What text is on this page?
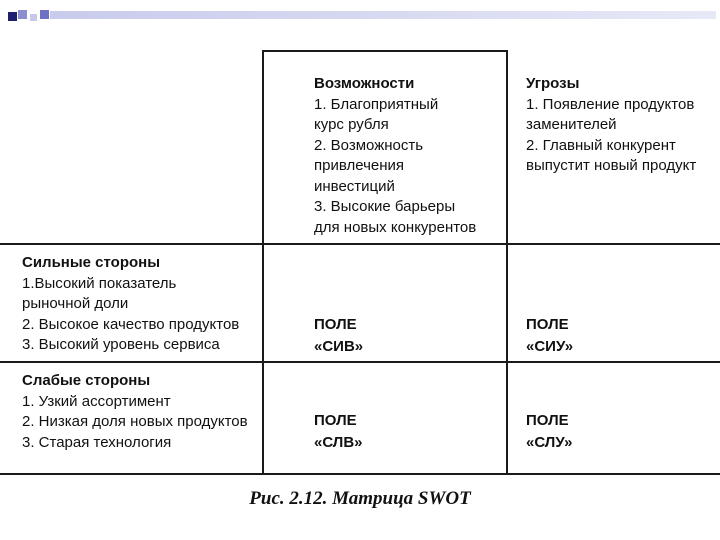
Возможности
1. Благоприятный
курс рубля
2. Возможность
привлечения
инвестиций
3. Высокие барьеры
для новых конкурентов
Угрозы
1. Появление продуктов
заменителей
2. Главный конкурент
выпустит новый продукт
Сильные стороны
1.Высокий показатель
рыночной доли
2. Высокое качество продуктов
3. Высокий уровень сервиса
Слабые стороны
1. Узкий ассортимент
2. Низкая доля новых продуктов
3. Старая технология
ПОЛЕ
«СИВ»
ПОЛЕ
«СИУ»
ПОЛЕ
«СЛВ»
ПОЛЕ
«СЛУ»
Рис. 2.12. Матрица SWOT
